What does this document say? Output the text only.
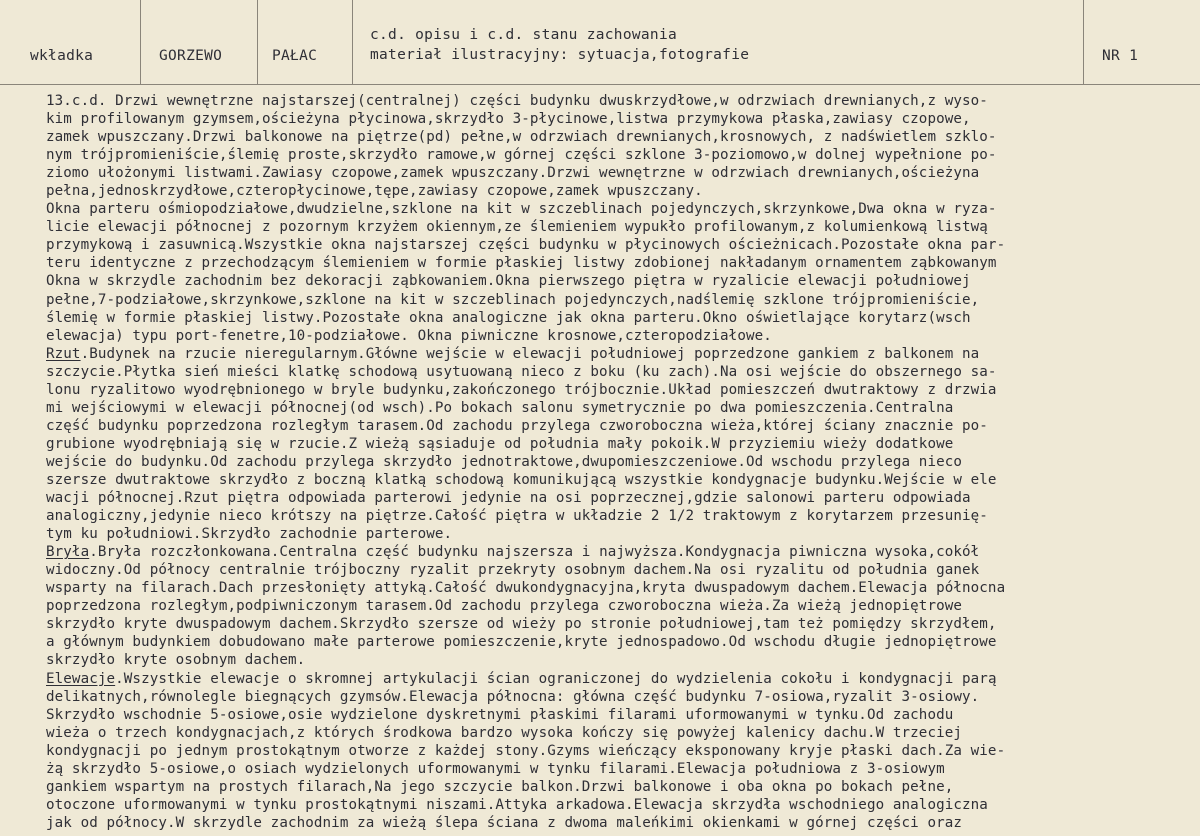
wkładka	GORZEWO	PAŁAC
c.d. opisu i c.d. stanu zachowania
materiał ilustracyjny: sytuacja,fotografie	NR 1
13.c.d. Drzwi wewnętrzne najstarszej(centralnej) części budynku dwuskrzydłowe,w odrzwiach drewnianych,z wyso-
kim profilowanym gzymsem,ościeżyna płycinowa,skrzydło 3-płycinowe,listwa przymykowa płaska,zawiasy czopowe,
zamek wpuszczany.Drzwi balkonowe na piętrze(pd) pełne,w odrzwiach drewnianych,krosnowych, z nadświetlem szklo-
nym trójpromieniście,ślemię proste,skrzydło ramowe,w górnej części szklone 3-poziomowo,w dolnej wypełnione po-
ziomo ułożonymi listwami.Zawiasy czopowe,zamek wpuszczany.Drzwi wewnętrzne w odrzwiach drewnianych,ościeżyna
pełna,jednoskrzydłowe,czteropłycinowe,tępe,zawiasy czopowe,zamek wpuszczany.
Okna parteru ośmiopodziałowe,dwudzielne,szklone na kit w szczeblinach pojedynczych,skrzynkowe,Dwa okna w ryza-
licie elewacji północnej z pozornym krzyżem okiennym,ze ślemieniem wypukło profilowanym,z kolumienkową listwą
przymykową i zasuwnicą.Wszystkie okna najstarszej części budynku w płycinowych ościeżnicach.Pozostałe okna par-
teru identyczne z przechodzącym ślemieniem w formie płaskiej listwy zdobionej nakładanym ornamentem ząbkowanym
Okna w skrzydle zachodnim bez dekoracji ząbkowaniem.Okna pierwszego piętra w ryzalicie elewacji południowej
pełne,7-podziałowe,skrzynkowe,szklone na kit w szczeblinach pojedynczych,nadślemię szklone trójpromieniście,
ślemię w formie płaskiej listwy.Pozostałe okna analogiczne jak okna parteru.Okno oświetlające korytarz(wsch
elewacja) typu port-fenetre,10-podziałowe. Okna piwniczne krosnowe,czteropodziałowe.
Rzut.Budynek na rzucie nieregularnym.Główne wejście w elewacji południowej poprzedzone gankiem z balkonem na
szczycie.Płytka sień mieści klatkę schodową usytuowaną nieco z boku (ku zach).Na osi wejście do obszernego sa-
lonu ryzalitowo wyodrębnionego w bryle budynku,zakończonego trójbocznie.Układ pomieszczeń dwutraktowy z drzwia
mi wejściowymi w elewacji północnej(od wsch).Po bokach salonu symetrycznie po dwa pomieszczenia.Centralna
część budynku poprzedzona rozległym tarasem.Od zachodu przylega czworoboczna wieża,której ściany znacznie po-
grubione wyodrębniają się w rzucie.Z wieżą sąsiaduje od południa mały pokoik.W przyziemiu wieży dodatkowe
wejście do budynku.Od zachodu przylega skrzydło jednotraktowe,dwupomieszczeniowe.Od wschodu przylega nieco
szersze dwutraktowe skrzydło z boczną klatką schodową komunikującą wszystkie kondygnacje budynku.Wejście w ele
wacji północnej.Rzut piętra odpowiada parterowi jedynie na osi poprzecznej,gdzie salonowi parteru odpowiada
analogiczny,jedynie nieco krótszy na piętrze.Całość piętra w układzie 2 1/2 traktowym z korytarzem przesunię-
tym ku południowi.Skrzydło zachodnie parterowe.
Bryła.Bryła rozczłonkowana.Centralna część budynku najszersza i najwyższa.Kondygnacja piwniczna wysoka,cokół
widoczny.Od północy centralnie trójboczny ryzalit przekryty osobnym dachem.Na osi ryzalitu od południa ganek
wsparty na filarach.Dach przesłonięty attyką.Całość dwukondygnacyjna,kryta dwuspadowym dachem.Elewacja północna
poprzedzona rozległym,podpiwniczonym tarasem.Od zachodu przylega czworoboczna wieża.Za wieżą jednopiętrowe
skrzydło kryte dwuspadowym dachem.Skrzydło szersze od wieży po stronie południowej,tam też pomiędzy skrzydłem,
a głównym budynkiem dobudowano małe parterowe pomieszczenie,kryte jednospadowo.Od wschodu długie jednopiętrowe
skrzydło kryte osobnym dachem.
Elewacje.Wszystkie elewacje o skromnej artykulacji ścian ograniczonej do wydzielenia cokołu i kondygnacji parą
delikatnych,równolegle biegnących gzymsów.Elewacja północna: główna część budynku 7-osiowa,ryzalit 3-osiowy.
Skrzydło wschodnie 5-osiowe,osie wydzielone dyskretnymi płaskimi filarami uformowanymi w tynku.Od zachodu
wieża o trzech kondygnacjach,z których środkowa bardzo wysoka kończy się powyżej kalenicy dachu.W trzeciej
kondygnacji po jednym prostokątnym otworze z każdej stony.Gzyms wieńczący eksponowany kryje płaski dach.Za wie-
żą skrzydło 5-osiowe,o osiach wydzielonych uformowanymi w tynku filarami.Elewacja południowa z 3-osiowym
gankiem wspartym na prostych filarach,Na jego szczycie balkon.Drzwi balkonowe i oba okna po bokach pełne,
otoczone uformowanymi w tynku prostokątnymi niszami.Attyka arkadowa.Elewacja skrzydła wschodniego analogiczna
jak od północy.W skrzydle zachodnim za wieżą ślepa ściana z dwoma maleńkimi okienkami w górnej części oraz
